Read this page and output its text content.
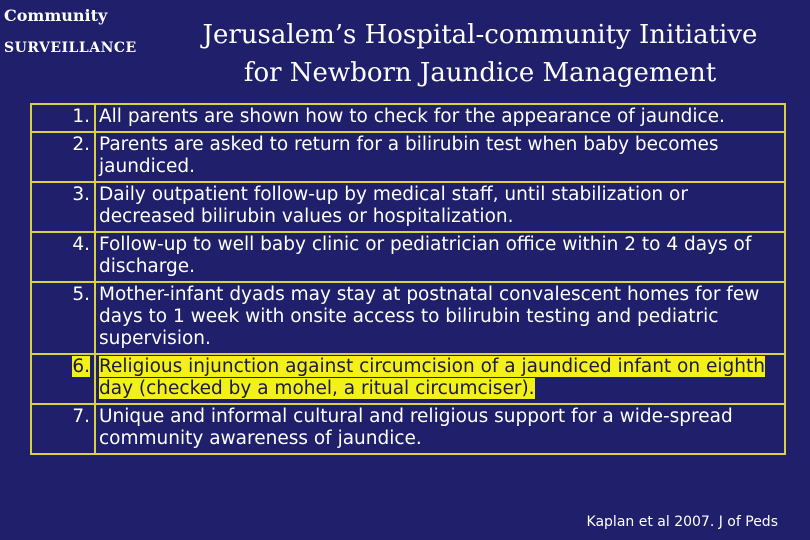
Community
SURVEILLANCE	Jerusalem’s Hospital-community Initiative
for Newborn Jaundice Management
1.	All parents are shown how to check for the appearance of jaundice.
2.	Parents are asked to return for a bilirubin test when baby becomes jaundiced.
3.	Daily outpatient follow-up by medical staff, until stabilization or decreased bilirubin values or hospitalization.
4.	Follow-up to well baby clinic or pediatrician office within 2 to 4 days of discharge.
5.	Mother-infant dyads may stay at postnatal convalescent homes for few days to 1 week with onsite access to bilirubin testing and pediatric supervision.
6.	Religious injunction against circumcision of a jaundiced infant on eighth day (checked by a mohel, a ritual circumciser).
7.	Unique and informal cultural and religious support for a wide-spread community awareness of jaundice.
Kaplan et al 2007. J of Peds
